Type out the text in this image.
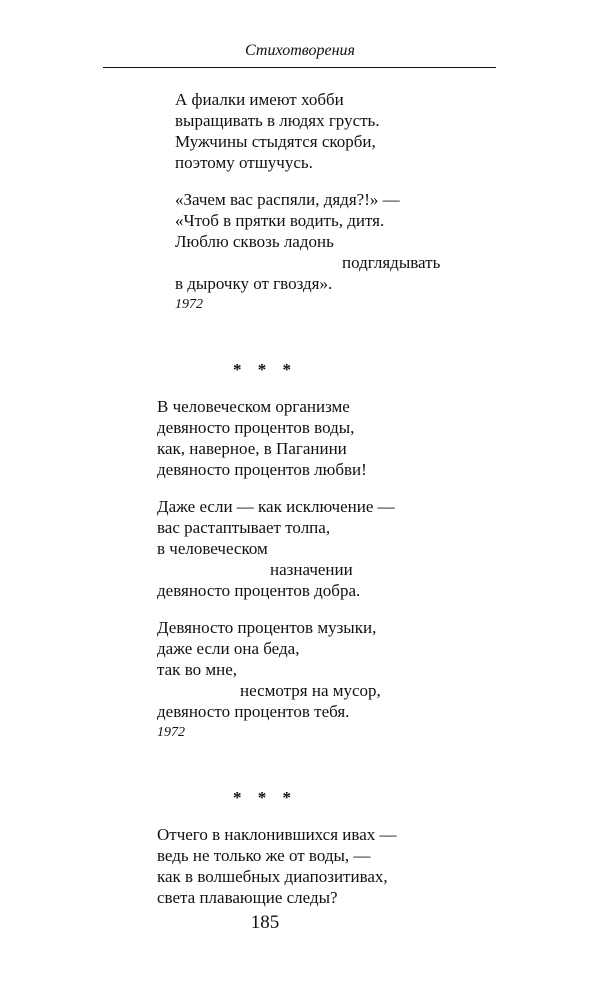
Стихотворения
А фиалки имеют хобби
выращивать в людях грусть.
Мужчины стыдятся скорби,
поэтому отшучусь.
«Зачем вас распяли, дядя?!» —
«Чтоб в прятки водить, дитя.
Люблю сквозь ладонь
подглядывать
в дырочку от гвоздя».
1972
* * *
В человеческом организме
девяносто процентов воды,
как, наверное, в Паганини
девяносто процентов любви!
Даже если — как исключение —
вас растаптывает толпа,
в человеческом
назначении
девяносто процентов добра.
Девяносто процентов музыки,
даже если она беда,
так во мне,
несмотря на мусор,
девяносто процентов тебя.
1972
* * *
Отчего в наклонившихся ивах —
ведь не только же от воды, —
как в волшебных диапозитивах,
света плавающие следы?
185
